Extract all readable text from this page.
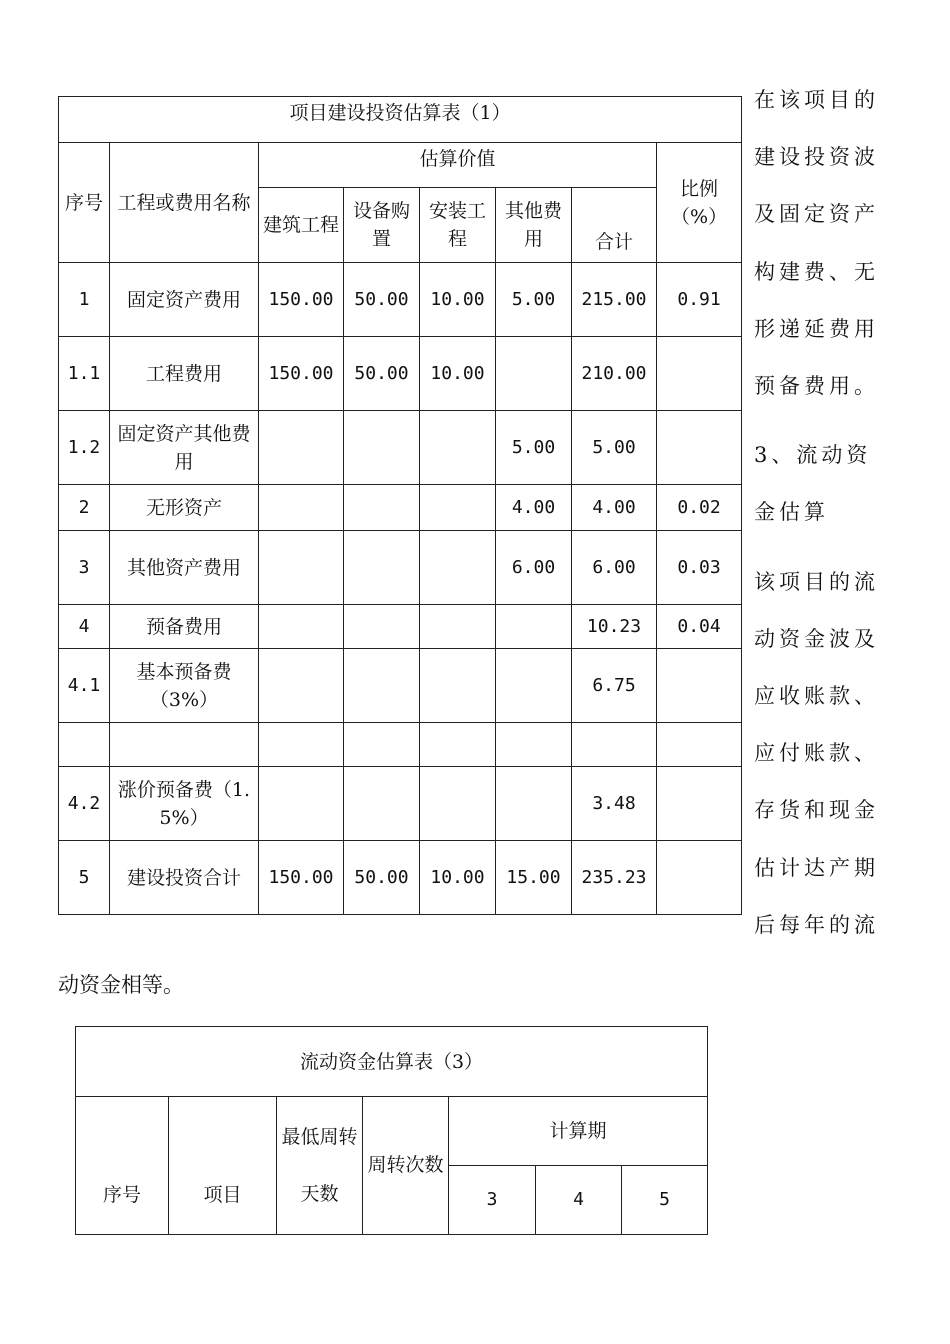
项目建设投资估算表（1）							
序号	工程或费用名称	估算价值					比例（%）
		建筑工程	设备购置	安装工程	其他费用	合计	
1	固定资产费用	150.00	50.00	10.00	5.00	215.00	0.91
1.1	工程费用	150.00	50.00	10.00		210.00	
1.2	固定资产其他费用				5.00	5.00	
2	无形资产				4.00	4.00	0.02
3	其他资产费用				6.00	6.00	0.03
4	预备费用					10.23	0.04
4.1	基本预备费（3%）					6.75	

4.2	涨价预备费（1.5%）					3.48	
5	建设投资合计	150.00	50.00	10.00	15.00	235.23	

在该项目的建设投资波及固定资产构建费、无形递延费用预备费用。

3、流动资金估算

该项目的流动资金波及应收账款、应付账款、存货和现金估计达产期后每年的流

动资金相等。

流动资金估算表（3）						
序号	项目	最低周转天数	周转次数	计算期		
				3	4	5
